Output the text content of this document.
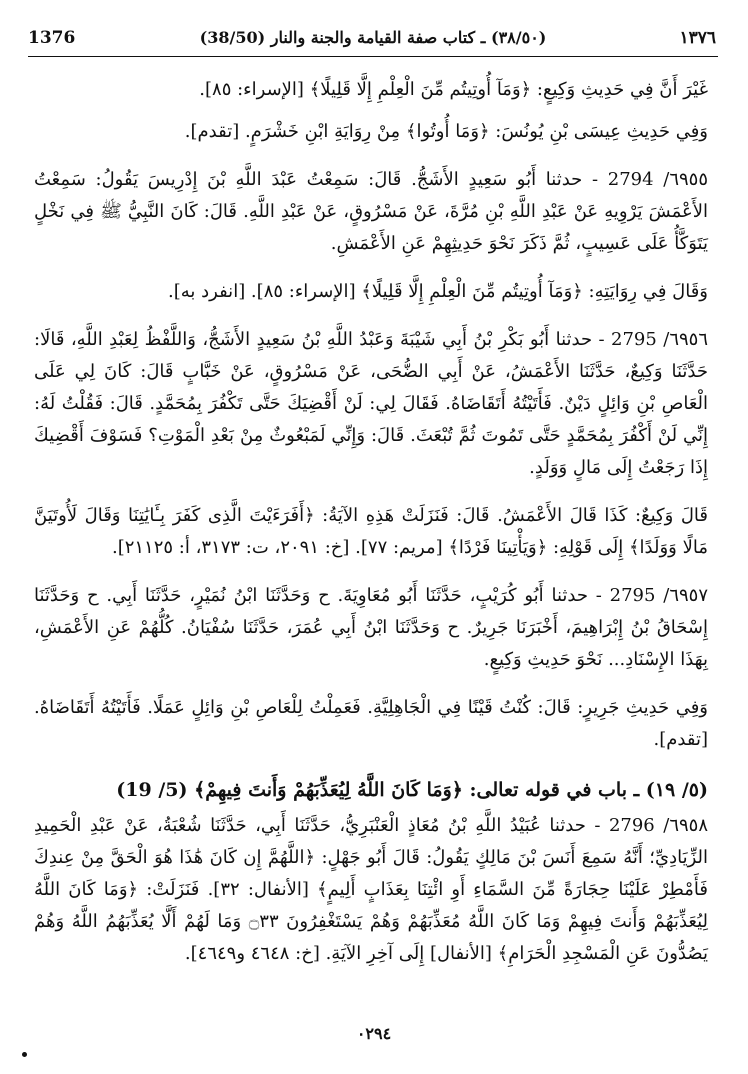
1376	(٣٨/٥٠) ـ كتاب صفة القيامة والجنة والنار (38/50)	١٣٧٦

غَيْرَ أَنَّ فِي حَدِيثِ وَكِيعٍ: ﴿وَمَآ أُوتِيتُم مِّنَ الْعِلْمِ إِلَّا قَلِيلًا﴾ [الإسراء: ٨٥].

وَفِي حَدِيثِ عِيسَى بْنِ يُونُسَ: ﴿وَمَا أُوتُوا﴾ مِنْ رِوَايَةِ ابْنِ خَشْرَمٍ. [تقدم].

٦٩٥٥/ 2794 - حدثنا أَبُو سَعِيدٍ الأَشَجُّ. قَالَ: سَمِعْتُ عَبْدَ اللَّهِ بْنَ إِدْرِيسَ يَقُولُ: سَمِعْتُ الأَعْمَشَ يَرْوِيهِ عَنْ عَبْدِ اللَّهِ بْنِ مُرَّةَ، عَنْ مَسْرُوقٍ، عَنْ عَبْدِ اللَّهِ. قَالَ: كَانَ النَّبِيُّ ﷺ فِي نَخْلٍ يَتَوَكَّأُ عَلَى عَسِيبٍ، ثُمَّ ذَكَرَ نَحْوَ حَدِيثِهِمْ عَنِ الأَعْمَشِ.

وَقَالَ فِي رِوَايَتِهِ: ﴿وَمَآ أُوتِيتُم مِّنَ الْعِلْمِ إِلَّا قَلِيلًا﴾ [الإسراء: ٨٥]. [انفرد به].

٦٩٥٦/ 2795 - حدثنا أَبُو بَكْرِ بْنُ أَبِي شَيْبَةَ وَعَبْدُ اللَّهِ بْنُ سَعِيدٍ الأَشَجُّ، وَاللَّفْظُ لِعَبْدِ اللَّهِ، قَالَا: حَدَّثَنَا وَكِيعٌ، حَدَّثَنَا الأَعْمَشُ، عَنْ أَبِي الضُّحَى، عَنْ مَسْرُوقٍ، عَنْ خَبَّابٍ قَالَ: كَانَ لِي عَلَى الْعَاصِ بْنِ وَائِلٍ دَيْنٌ. فَأَتَيْتُهُ أَتَقَاضَاهُ. فَقَالَ لِي: لَنْ أَقْضِيَكَ حَتَّى تَكْفُرَ بِمُحَمَّدٍ. قَالَ: فَقُلْتُ لَهُ: إِنِّي لَنْ أَكْفُرَ بِمُحَمَّدٍ حَتَّى تَمُوتَ ثُمَّ تُبْعَثَ. قَالَ: وَإِنِّي لَمَبْعُوثٌ مِنْ بَعْدِ الْمَوْتِ؟ فَسَوْفَ أَقْضِيكَ إِذَا رَجَعْتُ إِلَى مَالٍ وَوَلَدٍ.

قَالَ وَكِيعٌ: كَذَا قَالَ الأَعْمَشُ. قَالَ: فَنَزَلَتْ هَذِهِ الآيَةُ: ﴿أَفَرَءَيْتَ الَّذِى كَفَرَ بِـَٔايَٰتِنَا وَقَالَ لَأُوتَيَنَّ مَالًا وَوَلَدًا﴾ إِلَى قَوْلِهِ: ﴿وَيَأْتِينَا فَرْدًا﴾ [مريم: ٧٧]. [خ: ٢٠٩١، ت: ٣١٧٣، أ: ٢١١٢٥].

٦٩٥٧/ 2795 - حدثنا أَبُو كُرَيْبٍ، حَدَّثَنَا أَبُو مُعَاوِيَةَ. ح وَحَدَّثَنَا ابْنُ نُمَيْرٍ، حَدَّثَنَا أَبِي. ح وَحَدَّثَنَا إِسْحَاقُ بْنُ إِبْرَاهِيمَ، أَخْبَرَنَا جَرِيرٌ. ح وَحَدَّثَنَا ابْنُ أَبِي عُمَرَ، حَدَّثَنَا سُفْيَانُ. كُلُّهُمْ عَنِ الأَعْمَشِ، بِهَذَا الإِسْنَادِ... نَحْوَ حَدِيثِ وَكِيعٍ.

وَفِي حَدِيثِ جَرِيرٍ: قَالَ: كُنْتُ قَيْنًا فِي الْجَاهِلِيَّةِ. فَعَمِلْتُ لِلْعَاصِ بْنِ وَائِلٍ عَمَلًا. فَأَتَيْتُهُ أَتَقَاضَاهُ. [تقدم].

(٥/ ١٩) ـ باب في قوله تعالى: ﴿وَمَا كَانَ اللَّهُ لِيُعَذِّبَهُمْ وَأَنتَ فِيهِمْ﴾ (5/ 19)

٦٩٥٨/ 2796 - حدثنا عُبَيْدُ اللَّهِ بْنُ مُعَاذٍ الْعَنْبَرِيُّ، حَدَّثَنَا أَبِي، حَدَّثَنَا شُعْبَةُ، عَنْ عَبْدِ الْحَمِيدِ الزِّيَادِيِّ؛ أَنَّهُ سَمِعَ أَنَسَ بْنَ مَالِكٍ يَقُولُ: قَالَ أَبُو جَهْلٍ: ﴿اللَّهُمَّ إِن كَانَ هَٰذَا هُوَ الْحَقَّ مِنْ عِندِكَ فَأَمْطِرْ عَلَيْنَا حِجَارَةً مِّنَ السَّمَاءِ أَوِ ائْتِنَا بِعَذَابٍ أَلِيمٍ﴾ [الأنفال: ٣٢]. فَنَزَلَتْ: ﴿وَمَا كَانَ اللَّهُ لِيُعَذِّبَهُمْ وَأَنتَ فِيهِمْ وَمَا كَانَ اللَّهُ مُعَذِّبَهُمْ وَهُمْ يَسْتَغْفِرُونَ ۝٣٣ وَمَا لَهُمْ أَلَّا يُعَذِّبَهُمُ اللَّهُ وَهُمْ يَصُدُّونَ عَنِ الْمَسْجِدِ الْحَرَامِ﴾ [الأنفال] إِلَى آخِرِ الآيَةِ. [خ: ٤٦٤٨ و٤٦٤٩].

٠٢٩٤
